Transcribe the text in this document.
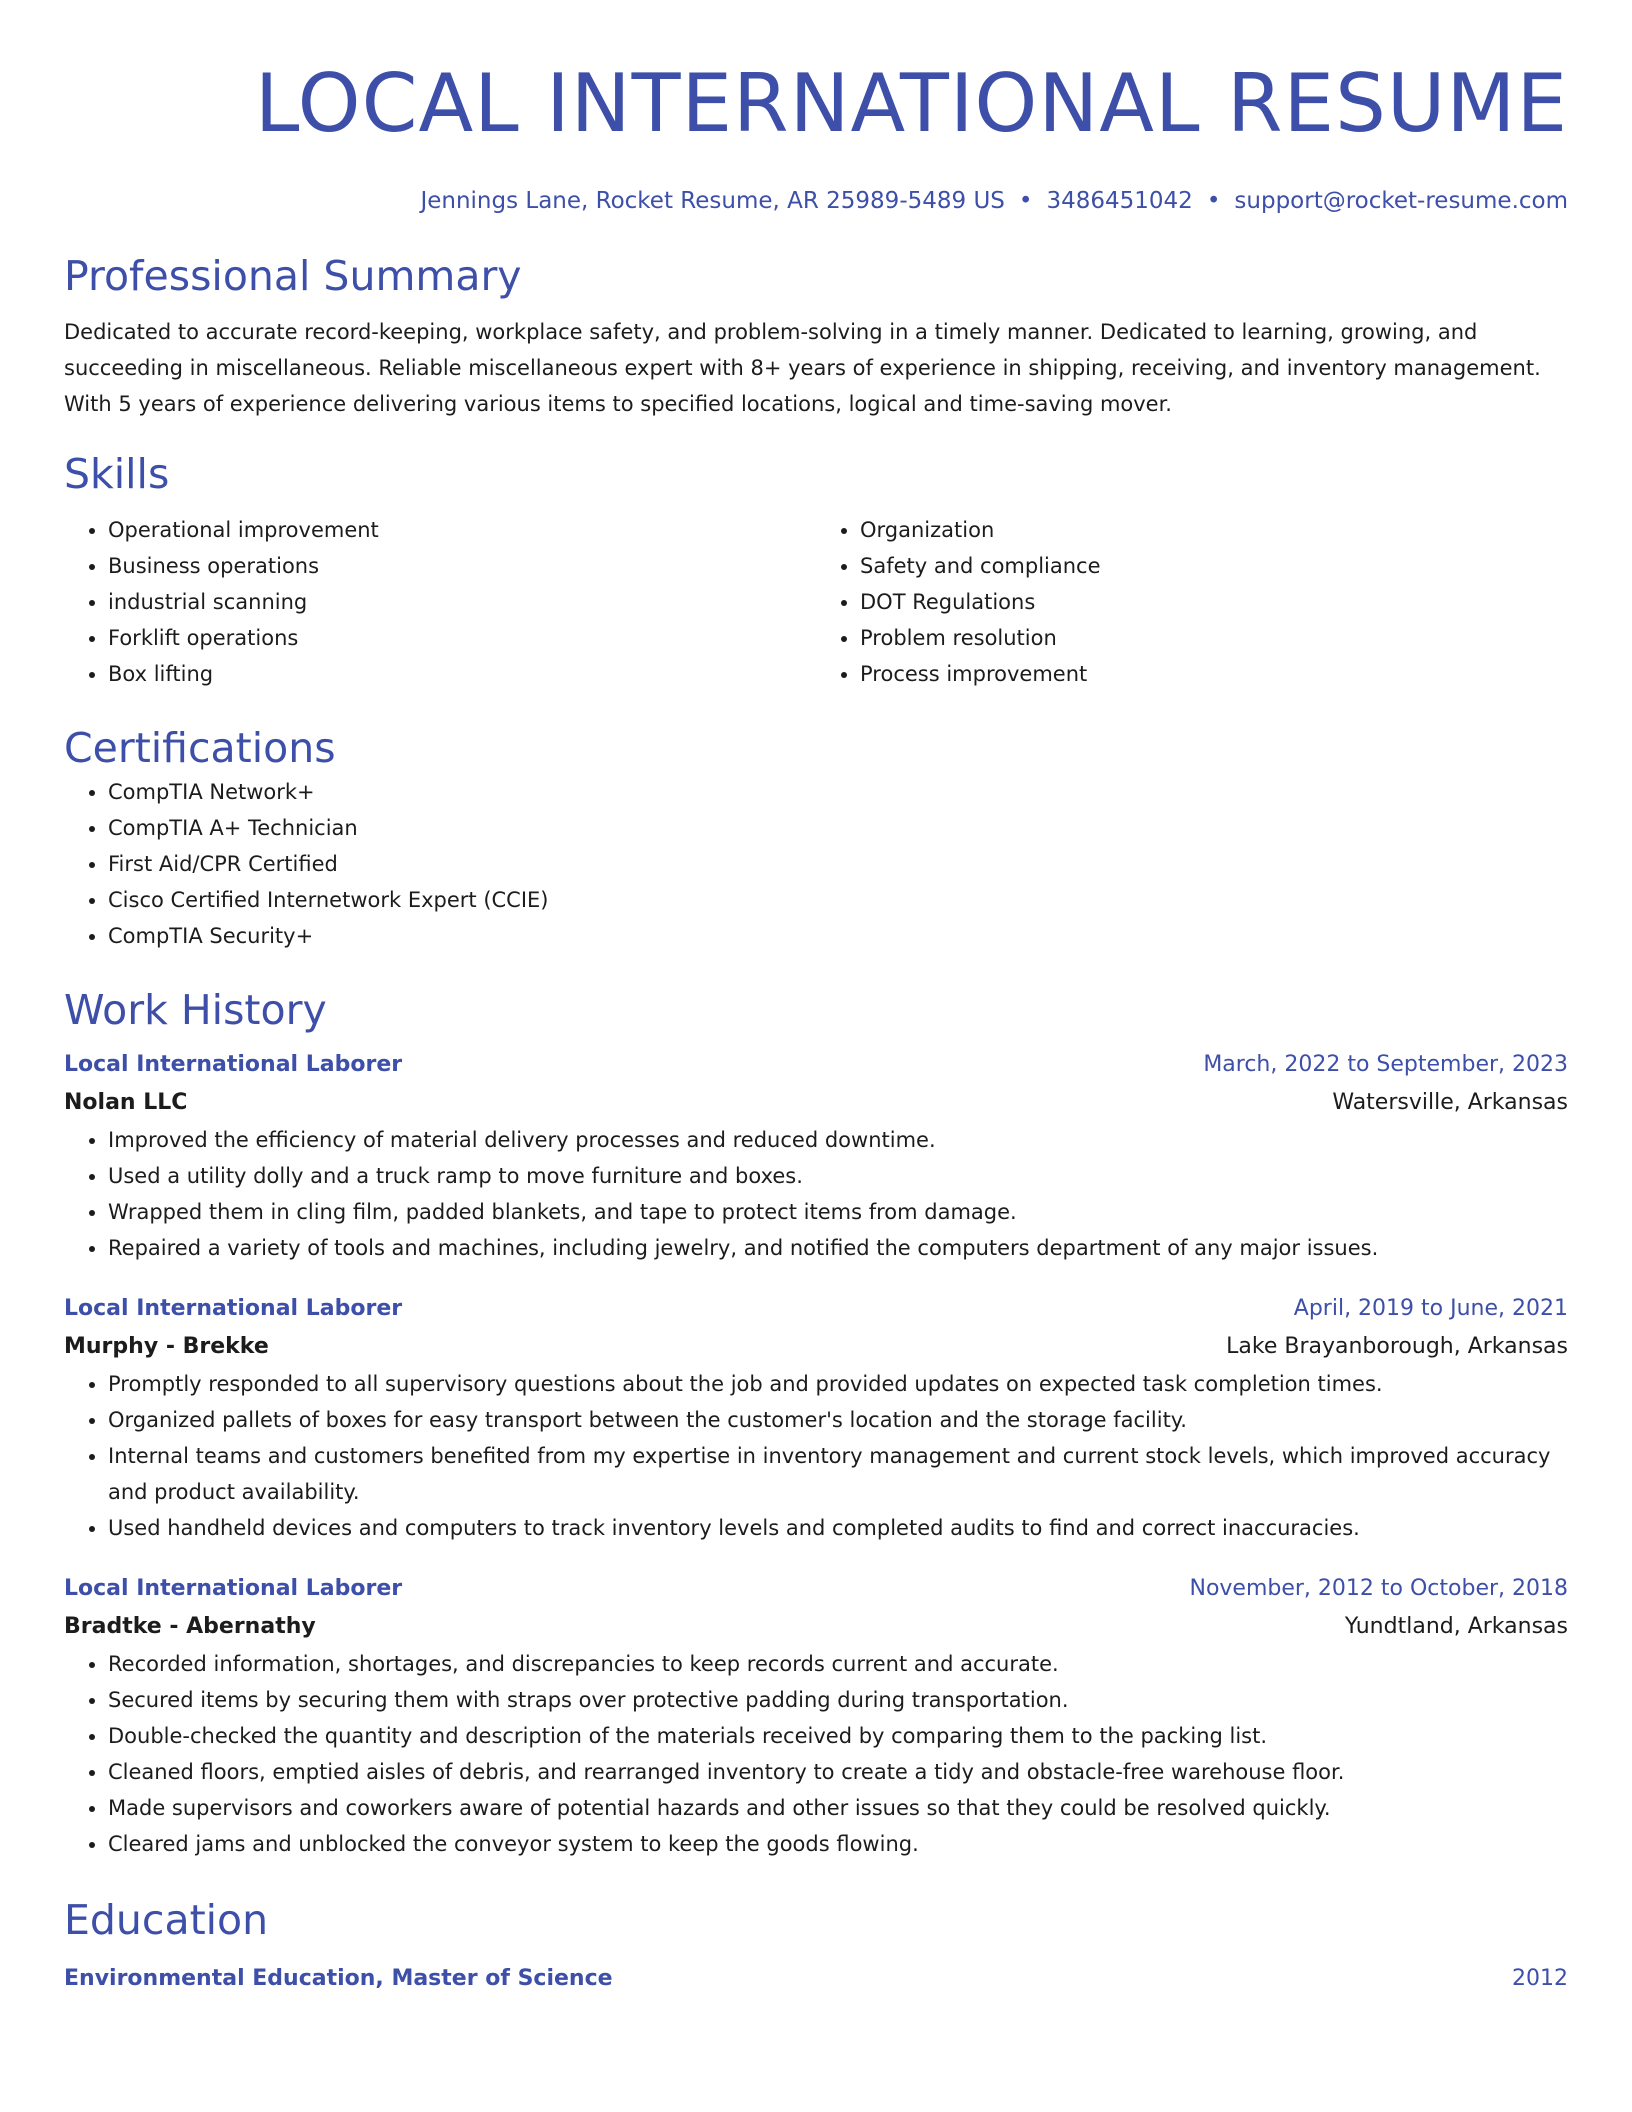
LOCAL INTERNATIONAL RESUME
Jennings Lane, Rocket Resume, AR 25989-5489 US • 3486451042 • support@rocket-resume.com
Professional Summary

Dedicated to accurate record-keeping, workplace safety, and problem-solving in a timely manner. Dedicated to learning, growing, and succeeding in miscellaneous. Reliable miscellaneous expert with 8+ years of experience in shipping, receiving, and inventory management. With 5 years of experience delivering various items to specified locations, logical and time-saving mover.

Skills
• Operational improvement
• Business operations
• industrial scanning
• Forklift operations
• Box lifting
• Organization
• Safety and compliance
• DOT Regulations
• Problem resolution
• Process improvement
Certifications
• CompTIA Network+
• CompTIA A+ Technician
• First Aid/CPR Certified
• Cisco Certified Internetwork Expert (CCIE)
• CompTIA Security+
Work History
Local International Laborer	March, 2022 to September, 2023
Nolan LLC	Watersville, Arkansas
• Improved the efficiency of material delivery processes and reduced downtime.
• Used a utility dolly and a truck ramp to move furniture and boxes.
• Wrapped them in cling film, padded blankets, and tape to protect items from damage.
• Repaired a variety of tools and machines, including jewelry, and notified the computers department of any major issues.
Local International Laborer	April, 2019 to June, 2021
Murphy - Brekke	Lake Brayanborough, Arkansas
• Promptly responded to all supervisory questions about the job and provided updates on expected task completion times.
• Organized pallets of boxes for easy transport between the customer's location and the storage facility.
• Internal teams and customers benefited from my expertise in inventory management and current stock levels, which improved accuracy and product availability.
• Used handheld devices and computers to track inventory levels and completed audits to find and correct inaccuracies.
Local International Laborer	November, 2012 to October, 2018
Bradtke - Abernathy	Yundtland, Arkansas
• Recorded information, shortages, and discrepancies to keep records current and accurate.
• Secured items by securing them with straps over protective padding during transportation.
• Double-checked the quantity and description of the materials received by comparing them to the packing list.
• Cleaned floors, emptied aisles of debris, and rearranged inventory to create a tidy and obstacle-free warehouse floor.
• Made supervisors and coworkers aware of potential hazards and other issues so that they could be resolved quickly.
• Cleared jams and unblocked the conveyor system to keep the goods flowing.
Education
Environmental Education, Master of Science	2012
